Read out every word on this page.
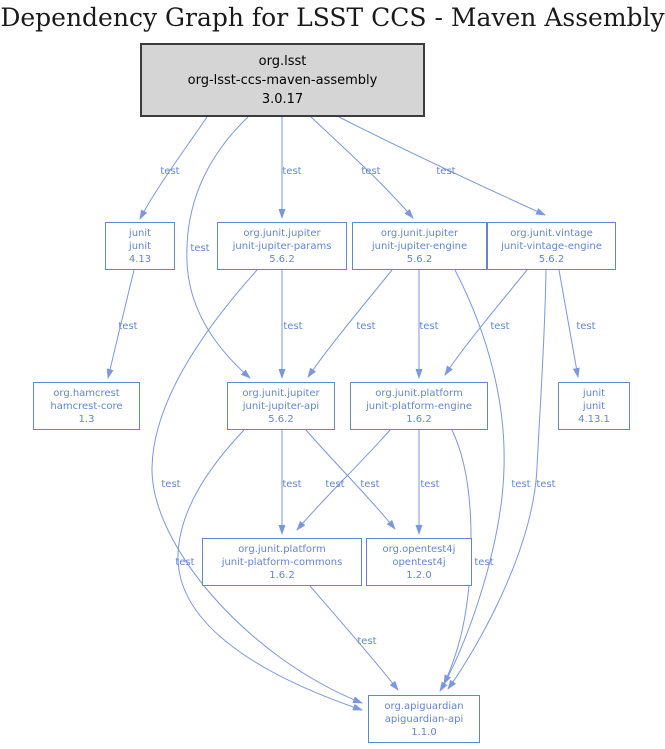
Dependency Graph for LSST CCS - Maven Assembly
test	test	test	test
test
test	test	test	test	test	test
test test test	test
test
test
test test
test
test
org.lsst
org-lsst-ccs-maven-assembly
3.0.17
junit
junit
4.13
org.junit.jupiter
junit-jupiter-params
5.6.2
org.junit.jupiter
junit-jupiter-engine
5.6.2
org.junit.vintage
junit-vintage-engine
5.6.2
org.hamcrest
hamcrest-core
1.3
org.junit.jupiter
junit-jupiter-api
5.6.2
org.junit.platform
junit-platform-engine
1.6.2
junit
junit
4.13.1
org.junit.platform
junit-platform-commons
1.6.2
org.opentest4j
opentest4j
1.2.0
org.apiguardian
apiguardian-api
1.1.0
